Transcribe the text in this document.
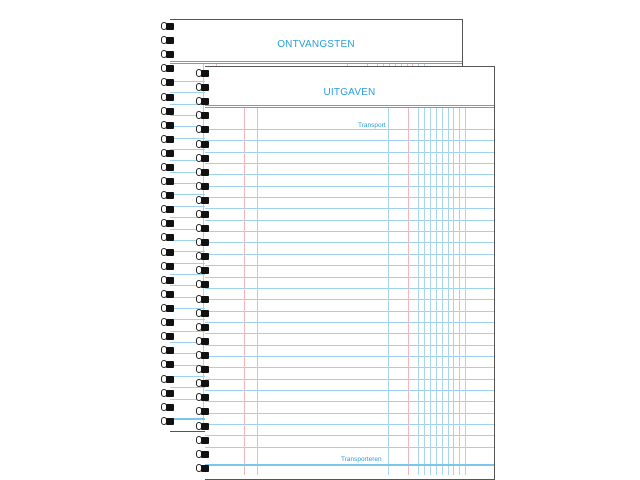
ONTVANGSTEN
UITGAVEN
Transport
Transporteren
